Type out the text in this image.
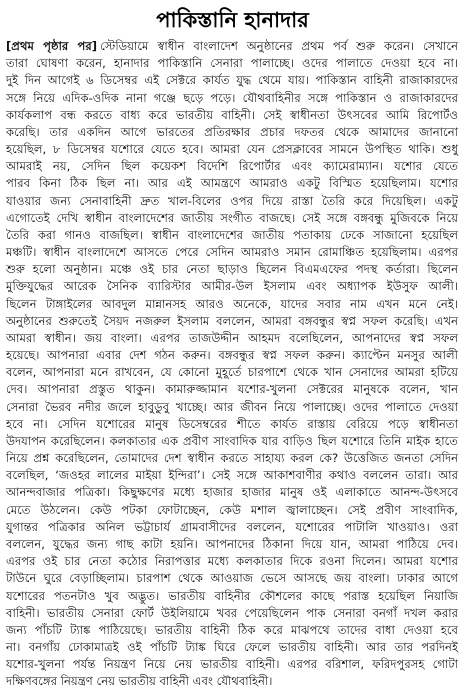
পাকিস্তানি হানাদার
[প্রথম পৃষ্ঠার পর] স্টেডিয়ামে স্বাধীন বাংলাদেশ অনুষ্ঠানের প্রথম পর্ব শুরু করেন। সেখানে
তারা ঘোষণা করেন, হানাদার পাকিস্তানি সেনারা পালাচ্ছে। ওদের পালাতে দেওয়া হবে না।
দুই দিন আগেই ৬ ডিসেম্বর এই সেক্টরে কার্যত যুদ্ধ থেমে যায়। পাকিস্তান বাহিনী রাজাকারদের
সঙ্গে নিয়ে এদিক-ওদিক নানা গঞ্জে ছড়ে পড়ে। যৌথবাহিনীর সঙ্গে পাকিস্তান ও রাজাকারদের
কার্যকলাপ বন্ধ করতে বাধ্য করে ভারতীয় বাহিনী। সেই স্বাধীনতা উৎসবের আমি রিপোর্টও
করেছি। তার একদিন আগে ভারতের প্রতিরক্ষার প্রচার দফতর থেকে আমাদের জানানো
হয়েছিল, ৮ ডিসেম্বর যশোরে যেতে হবে। আমরা যেন প্রেসক্লাবের সামনে উপস্থিত থাকি। শুধু
আমরাই নয়, সেদিন ছিল কয়েকশ বিদেশি রিপোর্টার এবং ক্যামেরাম্যান। যশোর যেতে
পারব কিনা ঠিক ছিল না। আর এই আমন্ত্রণে আমরাও একটু বিস্মিত হয়েছিলাম। যশোর
যাওয়ার জন্য সেনাবাহিনী দ্রুত খাল-বিলের ওপর দিয়ে রাস্তা তৈরি করে দিয়েছিল। একটু
এগোতেই দেখি স্বাধীন বাংলাদেশের জাতীয় সংগীত বাজছে। সেই সঙ্গে বঙ্গবন্ধু মুজিবকে নিয়ে
তৈরি করা গানও বাজছিল। স্বাধীন বাংলাদেশের জাতীয় পতাকায় ঢেকে সাজানো হয়েছিল
মঞ্চটি। স্বাধীন বাংলাদেশে আসতে পেরে সেদিন আমরাও সমান রোমাঞ্চিত হয়েছিলাম। এরপর
শুরু হলো অনুষ্ঠান। মঞ্চে ওই চার নেতা ছাড়াও ছিলেন বিএমএফের পদস্থ কর্তারা। ছিলেন
মুক্তিযুদ্ধের আরেক সৈনিক ব্যারিস্টার আমীর-উল ইসলাম এবং অধ্যাপক ইউসুফ আলী।
ছিলেন টাঙ্গাইলের আবদুল মান্নানসহ আরও অনেকে, যাদের সবার নাম এখন মনে নেই।
অনুষ্ঠানের শুরুতেই সৈয়দ নজরুল ইসলাম বললেন, আমরা বঙ্গবন্ধুর স্বপ্ন সফল করেছি। এখন
আমরা স্বাধীন। জয় বাংলা। এরপর তাজউদ্দীন আহমদ বলেছিলেন, আপনাদের স্বপ্ন সফল
হয়েছে। আপনারা এবার দেশ গঠন করুন। বঙ্গবন্ধুর স্বপ্ন সফল করুন। ক্যাপ্টেন মনসুর আলী
বলেন, আপনারা মনে রাখবেন, যে কোনো মুহূর্তে চারপাশে থেকে খান সেনাদের আমরা হটিয়ে
দেব। আপনারা প্রস্তুত থাকুন। কামারুজ্জামান যশোর-খুলনা সেক্টরের মানুষকে বলেন, খান
সেনারা ভৈরব নদীর জলে হাবুডুবু খাচ্ছে। আর জীবন নিয়ে পালাচ্ছে। ওদের পালাতে দেওয়া
হবে না। সেদিন যশোরের মানুষ ডিসেম্বরের শীতে কার্যত রাস্তায় বেরিয়ে পড়ে স্বাধীনতা
উদযাপন করেছিলেন। কলকাতার এক প্রবীণ সাংবাদিক যার বাড়িও ছিল যশোরে তিনি মাইক হাতে
নিয়ে প্রশ্ন করেছিলেন, তোমাদের দেশ স্বাধীন করতে সাহায্য করল কে? উত্তেজিত জনতা সেদিন
বলেছিল, ‘জওহর লালের মাইয়া ইন্দিরা’। সেই সঙ্গে আকাশবাণীর কথাও বললেন তারা। আর
আনন্দবাজার পত্রিকা। কিছুক্ষণের মধ্যে হাজার হাজার মানুষ ওই এলাকাতে আনন্দ-উৎসবে
মেতে উঠলেন। কেউ পটকা ফোটাচ্ছেন, কেউ মশাল জ্বালাচ্ছেন। সেই প্রবীণ সাংবাদিক,
যুগান্তর পত্রিকার অনিল ভট্টাচার্য গ্রামবাসীদের বললেন, যশোরের পাটালি খাওয়াও। ওরা
বললেন, যুদ্ধের জন্য গাছ কাটা হয়নি। আপনাদের ঠিকানা দিয়ে যান, আমরা পাঠিয়ে দেব।
এরপর ওই চার নেতা কঠোর নিরাপত্তার মধ্যে কলকাতার দিকে রওনা দিলেন। আমরা যশোর
টাউনে ঘুরে বেড়াচ্ছিলাম। চারপাশ থেকে আওয়াজ ভেসে আসছে জয় বাংলা। ঢাকার আগে
যশোরের পতনটাও খুব অদ্ভুত। ভারতীয় বাহিনীর কৌশলের কাছে পরাস্ত হয়েছিল নিয়াজি
বাহিনী। ভারতীয় সেনারা ফোর্ট উইলিয়ামে খবর পেয়েছিলেন পাক সেনারা বনগাঁ দখল করার
জন্য পাঁচটি ট্যাঙ্ক পাঠিয়েছে। ভারতীয় বাহিনী ঠিক করে মাঝপথে তাদের বাধা দেওয়া হবে
না। বনগাঁয় ঢোকামাত্রই ওই পাঁচটি ট্যাঙ্ক ঘিরে ফেলে ভারতীয় বাহিনী। আর তার পরদিনই
যশোর-খুলনা পর্যন্ত নিয়ন্ত্রণ নিয়ে নেয় ভারতীয় বাহিনী। এরপর বরিশাল, ফরিদপুরসহ গোটা
দক্ষিণবঙ্গের নিয়ন্ত্রণ নেয় ভারতীয় বাহিনী এবং যৌথবাহিনী।
